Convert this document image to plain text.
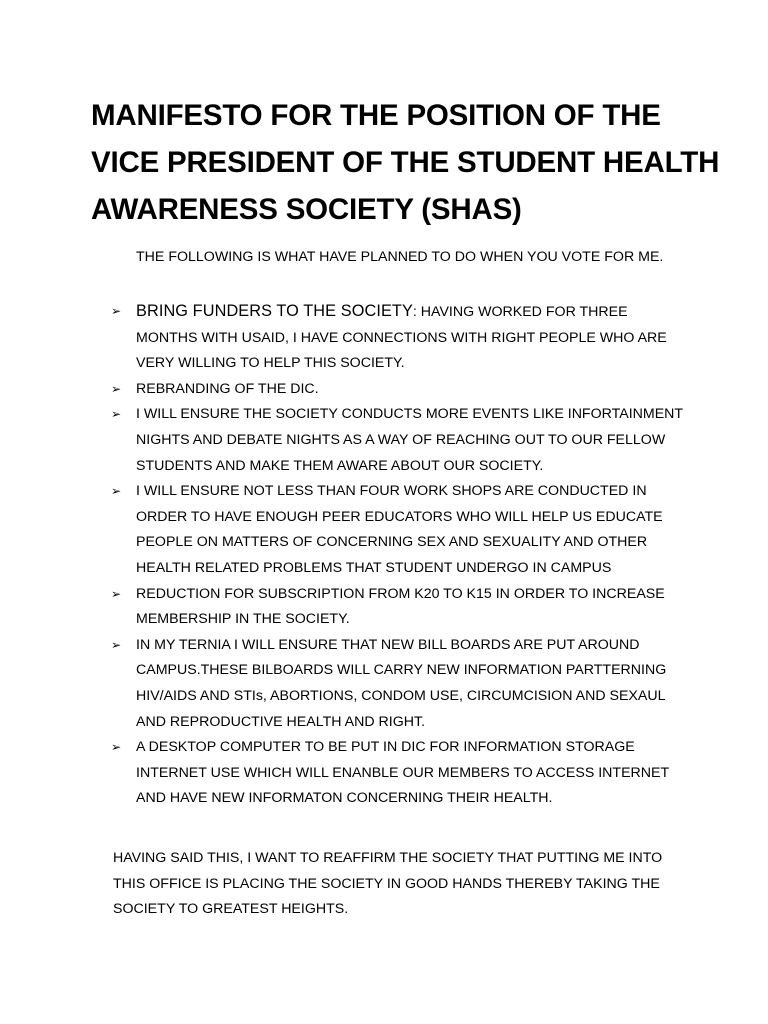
MANIFESTO FOR THE POSITION OF THE
VICE PRESIDENT OF THE STUDENT HEALTH
AWARENESS SOCIETY (SHAS)

THE FOLLOWING IS WHAT HAVE PLANNED TO DO WHEN YOU VOTE FOR ME.

➢ BRING FUNDERS TO THE SOCIETY: HAVING WORKED FOR THREE MONTHS WITH USAID, I HAVE CONNECTIONS WITH RIGHT PEOPLE WHO ARE VERY WILLING TO HELP THIS SOCIETY.
➢ REBRANDING OF THE DIC.
➢ I WILL ENSURE THE SOCIETY CONDUCTS MORE EVENTS LIKE INFORTAINMENT NIGHTS AND DEBATE NIGHTS AS A WAY OF REACHING OUT TO OUR FELLOW STUDENTS AND MAKE THEM AWARE ABOUT OUR SOCIETY.
➢ I WILL ENSURE NOT LESS THAN FOUR WORK SHOPS ARE CONDUCTED IN ORDER TO HAVE ENOUGH PEER EDUCATORS WHO WILL HELP US EDUCATE PEOPLE ON MATTERS OF CONCERNING SEX AND SEXUALITY AND OTHER HEALTH RELATED PROBLEMS THAT STUDENT UNDERGO IN CAMPUS
➢ REDUCTION FOR SUBSCRIPTION FROM K20 TO K15 IN ORDER TO INCREASE MEMBERSHIP IN THE SOCIETY.
➢ IN MY TERNIA I WILL ENSURE THAT NEW BILL BOARDS ARE PUT AROUND CAMPUS.THESE BILBOARDS WILL CARRY NEW INFORMATION PARTTERNING HIV/AIDS AND STIs, ABORTIONS, CONDOM USE, CIRCUMCISION AND SEXAUL AND REPRODUCTIVE HEALTH AND RIGHT.
➢ A DESKTOP COMPUTER TO BE PUT IN DIC FOR INFORMATION STORAGE INTERNET USE WHICH WILL ENANBLE OUR MEMBERS TO ACCESS INTERNET AND HAVE NEW INFORMATON CONCERNING THEIR HEALTH.

HAVING SAID THIS, I WANT TO REAFFIRM THE SOCIETY THAT PUTTING ME INTO THIS OFFICE IS PLACING THE SOCIETY IN GOOD HANDS THEREBY TAKING THE SOCIETY TO GREATEST HEIGHTS.
